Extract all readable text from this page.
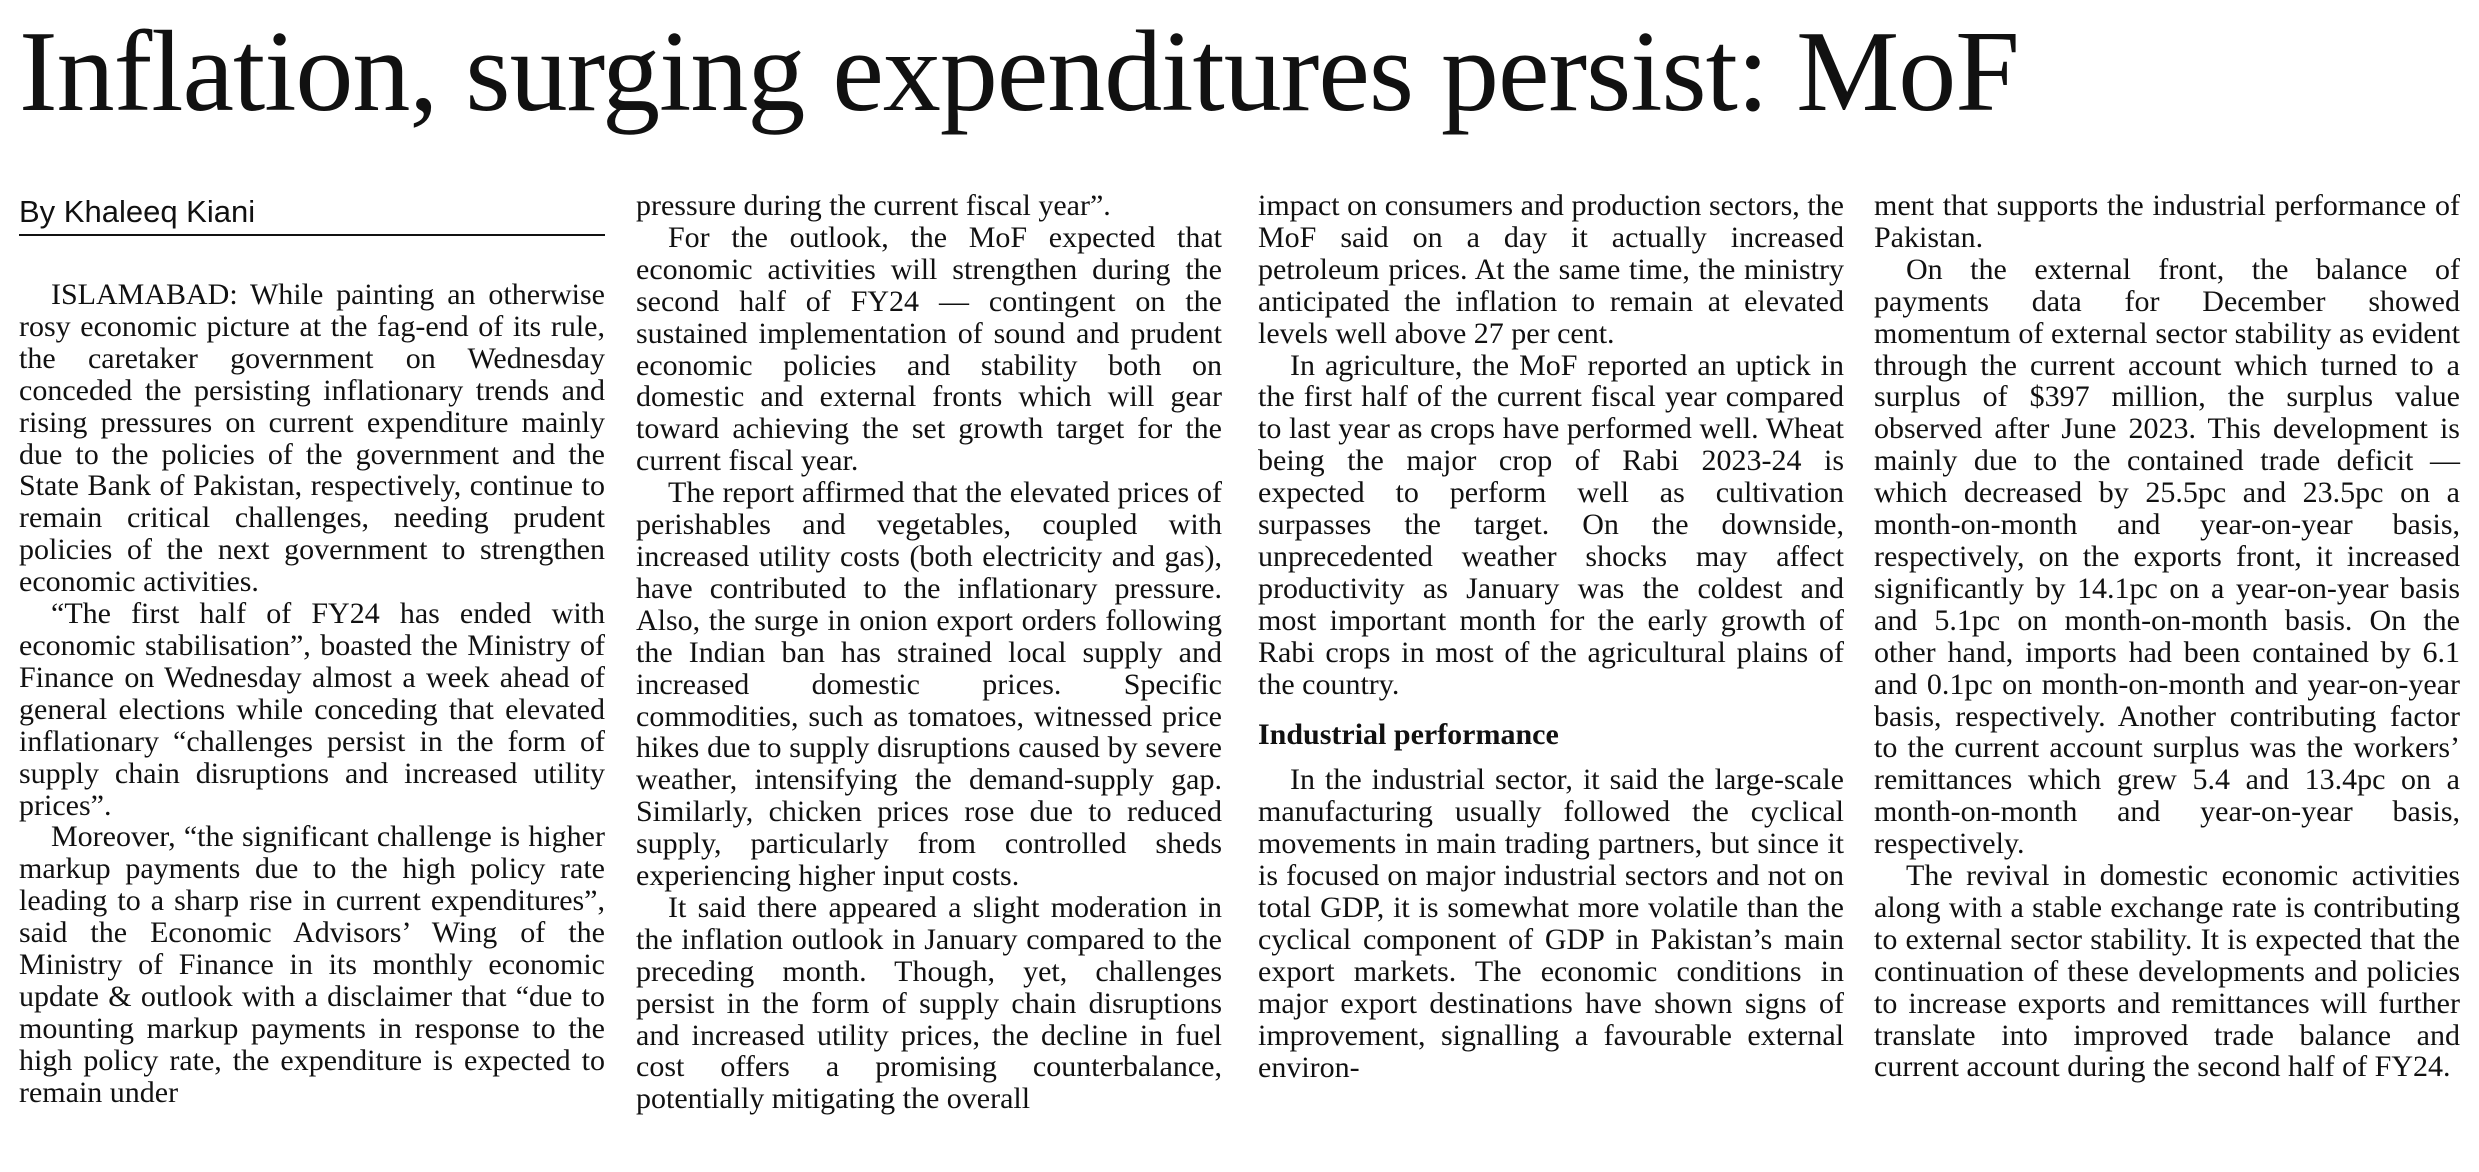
Inflation, surging expenditures persist: MoF
By Khaleeq Kiani

ISLAMABAD: While painting an otherwise rosy economic picture at the fag-end of its rule, the caretaker government on Wednesday conceded the persisting inflationary trends and rising pressures on current expenditure mainly due to the policies of the government and the State Bank of Pakistan, respectively, continue to remain critical challenges, needing prudent policies of the next government to strengthen economic activities.

“The first half of FY24 has ended with economic stabilisation”, boasted the Ministry of Finance on Wednesday almost a week ahead of general elections while conceding that elevated inflationary “challenges persist in the form of supply chain disruptions and increased utility prices”.

Moreover, “the significant challenge is higher markup payments due to the high policy rate leading to a sharp rise in current expenditures”, said the Economic Advisors’ Wing of the Ministry of Finance in its monthly economic update & outlook with a disclaimer that “due to mounting markup payments in response to the high policy rate, the expenditure is expected to remain under

pressure during the current fiscal year”.

For the outlook, the MoF expected that economic activities will strengthen during the second half of FY24 — contingent on the sustained implementation of sound and prudent economic policies and stability both on domestic and external fronts which will gear toward achieving the set growth target for the current fiscal year.

The report affirmed that the elevated prices of perishables and vegetables, coupled with increased utility costs (both electricity and gas), have contributed to the inflationary pressure. Also, the surge in onion export orders following the Indian ban has strained local supply and increased domestic prices. Specific commodities, such as tomatoes, witnessed price hikes due to supply disruptions caused by severe weather, intensifying the demand-supply gap. Similarly, chicken prices rose due to reduced supply, particularly from controlled sheds experiencing higher input costs.

It said there appeared a slight moderation in the inflation outlook in January compared to the preceding month. Though, yet, challenges persist in the form of supply chain disruptions and increased utility prices, the decline in fuel cost offers a promising counterbalance, potentially mitigating the overall

impact on consumers and production sectors, the MoF said on a day it actually increased petroleum prices. At the same time, the ministry anticipated the inflation to remain at elevated levels well above 27 per cent.

In agriculture, the MoF reported an uptick in the first half of the current fiscal year compared to last year as crops have performed well. Wheat being the major crop of Rabi 2023-24 is expected to perform well as cultivation surpasses the target. On the downside, unprecedented weather shocks may affect productivity as January was the coldest and most important month for the early growth of Rabi crops in most of the agricultural plains of the country.

Industrial performance

In the industrial sector, it said the large-scale manufacturing usually followed the cyclical movements in main trading partners, but since it is focused on major industrial sectors and not on total GDP, it is somewhat more volatile than the cyclical component of GDP in Pakistan’s main export markets. The economic conditions in major export destinations have shown signs of improvement, signalling a favourable external environ-

ment that supports the industrial performance of Pakistan.

On the external front, the balance of payments data for December showed momentum of external sector stability as evident through the current account which turned to a surplus of $397 million, the surplus value observed after June 2023. This development is mainly due to the contained trade deficit — which decreased by 25.5pc and 23.5pc on a month-on-month and year-on-year basis, respectively, on the exports front, it increased significantly by 14.1pc on a year-on-year basis and 5.1pc on month-on-month basis. On the other hand, imports had been contained by 6.1 and 0.1pc on month-on-month and year-on-year basis, respectively. Another contributing factor to the current account surplus was the workers’ remittances which grew 5.4 and 13.4pc on a month-on-month and year-on-year basis, respectively.

The revival in domestic economic activities along with a stable exchange rate is contributing to external sector stability. It is expected that the continuation of these developments and policies to increase exports and remittances will further translate into improved trade balance and current account during the second half of FY24.
